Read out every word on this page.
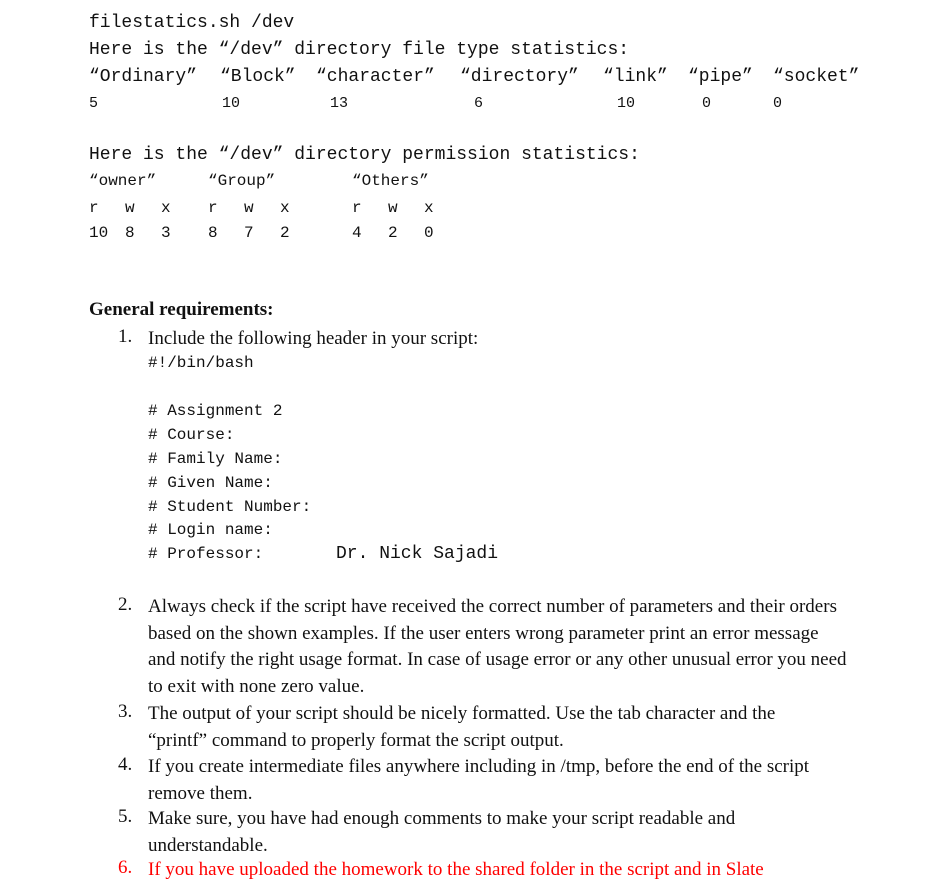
filestatics.sh /dev
Here is the “/dev” directory file type statistics:
“Ordinary” “Block” “character” “directory” “link” “pipe” “socket”
5	10	13	6	10	0	0
Here is the “/dev” directory permission statistics:
“owner”	“Group”	“Others”
r w x r w x	r w x
10 8 3 8 7 2	4 2 0
General requirements:
1. Include the following header in your script:
#!/bin/bash
# Assignment 2
# Course:
# Family Name:
# Given Name:
# Student Number:
# Login name:
# Professor:	Dr. Nick Sajadi
2. Always check if the script have received the correct number of parameters and their orders based on the shown examples. If the user enters wrong parameter print an error message and notify the right usage format. In case of usage error or any other unusual error you need to exit with none zero value.
3. The output of your script should be nicely formatted. Use the tab character and the “printf” command to properly format the script output.
4. If you create intermediate files anywhere including in /tmp, before the end of the script remove them.
5. Make sure, you have had enough comments to make your script readable and understandable.
6. If you have uploaded the homework to the shared folder in the script and in Slate
